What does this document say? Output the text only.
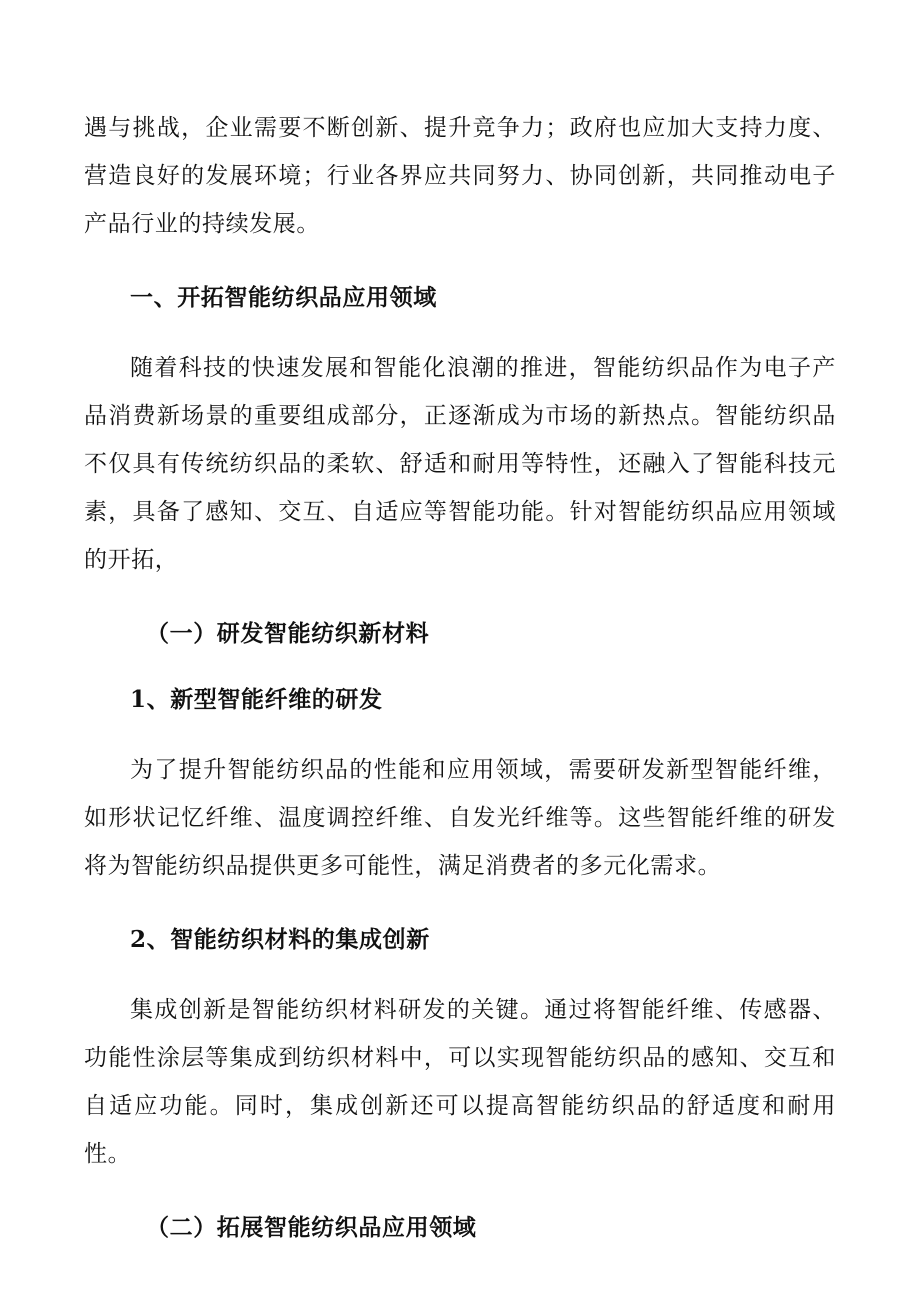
遇与挑战，企业需要不断创新、提升竞争力；政府也应加大支持力度、营造良好的发展环境；行业各界应共同努力、协同创新，共同推动电子产品行业的持续发展。

一、开拓智能纺织品应用领域

随着科技的快速发展和智能化浪潮的推进，智能纺织品作为电子产品消费新场景的重要组成部分，正逐渐成为市场的新热点。智能纺织品不仅具有传统纺织品的柔软、舒适和耐用等特性，还融入了智能科技元素，具备了感知、交互、自适应等智能功能。针对智能纺织品应用领域的开拓，

（一）研发智能纺织新材料
1、新型智能纤维的研发

为了提升智能纺织品的性能和应用领域，需要研发新型智能纤维，如形状记忆纤维、温度调控纤维、自发光纤维等。这些智能纤维的研发将为智能纺织品提供更多可能性，满足消费者的多元化需求。

2、智能纺织材料的集成创新

集成创新是智能纺织材料研发的关键。通过将智能纤维、传感器、功能性涂层等集成到纺织材料中，可以实现智能纺织品的感知、交互和自适应功能。同时，集成创新还可以提高智能纺织品的舒适度和耐用性。

（二）拓展智能纺织品应用领域
